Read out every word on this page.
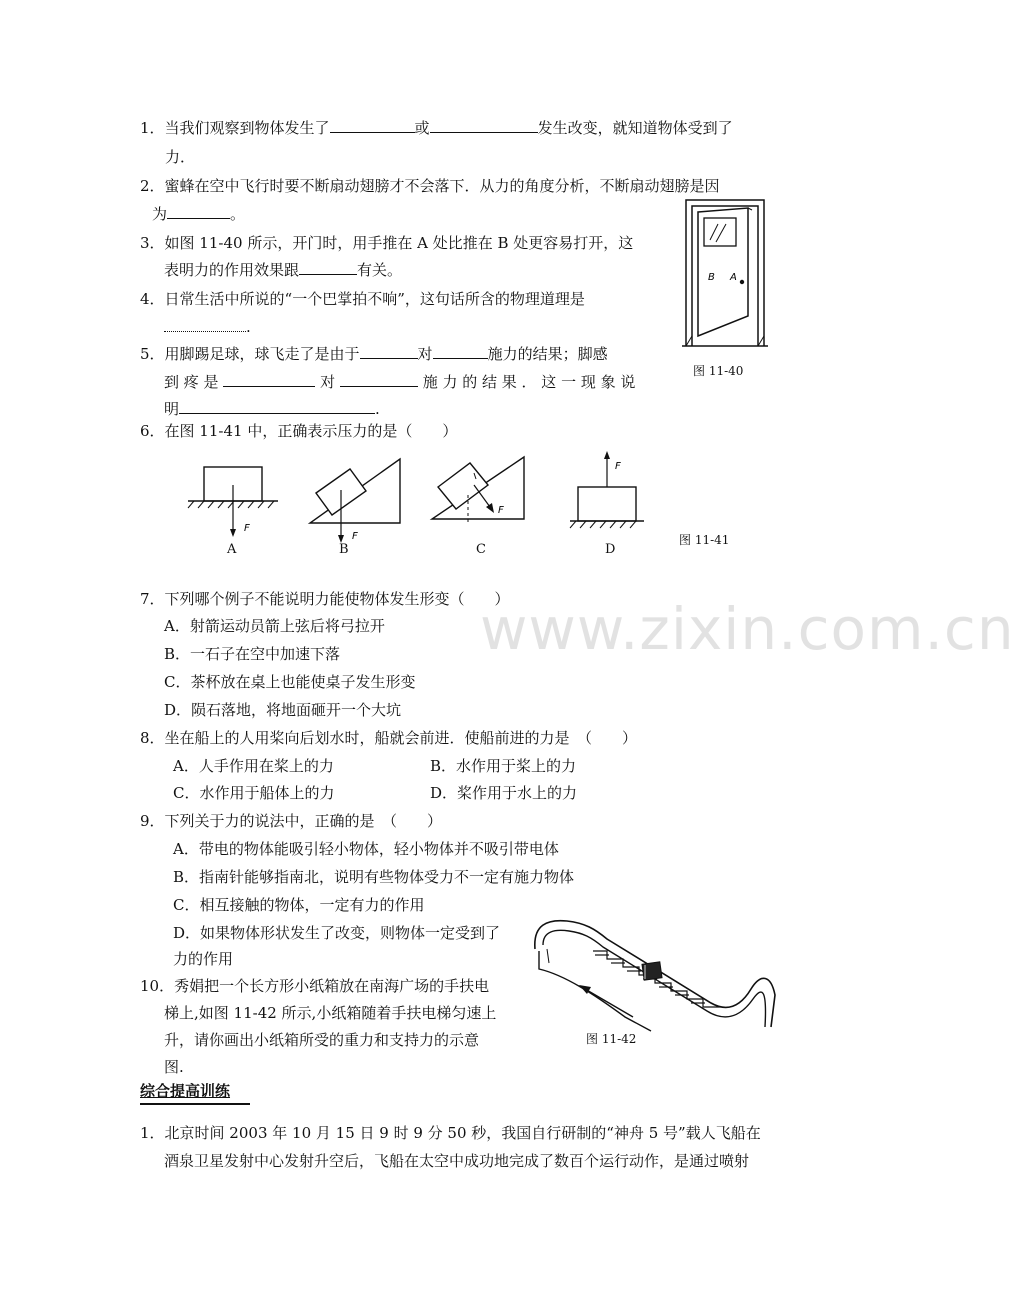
www.zixin.com.cn
1．当我们观察到物体发生了	或	发生改变，就知道物体受到了
力．
2．蜜蜂在空中飞行时要不断扇动翅膀才不会落下．从力的角度分析，不断扇动翅膀是因
为	。
3．如图 11-40 所示，开门时，用手推在 A 处比推在 B 处更容易打开，这
表明力的作用效果跟	有关。
4．日常生活中所说的“一个巴掌拍不响”，这句话所含的物理道理是
.
5．用脚踢足球，球飞走了是由于	对	施力的结果；脚感
到 疼 是	对	施 力 的 结 果 ． 这 一 现 象 说
明	.
B A
图 11-40
6．在图 11-41 中，正确表示压力的是（　　）
F
F
F
F
A	B	C	D
图 11-41
7．下列哪个例子不能说明力能使物体发生形变（　　）
A．射箭运动员箭上弦后将弓拉开
B．一石子在空中加速下落
C．茶杯放在桌上也能使桌子发生形变
D．陨石落地，将地面砸开一个大坑
8．坐在船上的人用桨向后划水时，船就会前进．使船前进的力是　（　　）
A．人手作用在桨上的力	B．水作用于桨上的力
C．水作用于船体上的力	D．桨作用于水上的力
9．下列关于力的说法中，正确的是　（　　）
A．带电的物体能吸引轻小物体，轻小物体并不吸引带电体
B．指南针能够指南北，说明有些物体受力不一定有施力物体
C．相互接触的物体，一定有力的作用
D．如果物体形状发生了改变，则物体一定受到了
力的作用
10．秀娟把一个长方形小纸箱放在南海广场的手扶电
梯上,如图 11-42 所示,小纸箱随着手扶电梯匀速上
升，请你画出小纸箱所受的重力和支持力的示意
图.
图 11-42
综合提高训练
1．北京时间 2003 年 10 月 15 日 9 时 9 分 50 秒，我国自行研制的“神舟 5 号”载人飞船在
酒泉卫星发射中心发射升空后，飞船在太空中成功地完成了数百个运行动作，是通过喷射
